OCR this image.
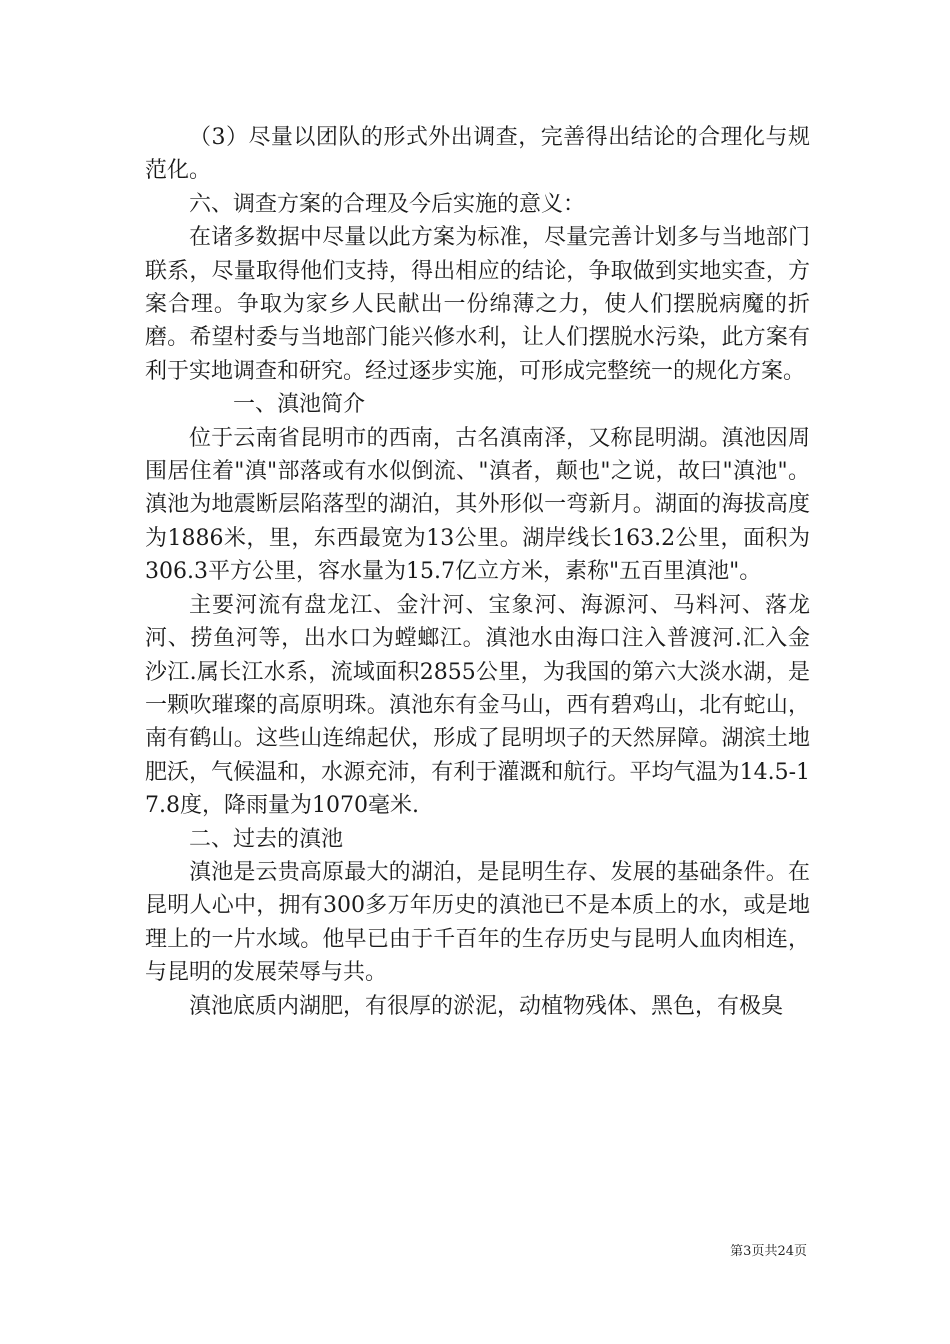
（3）尽量以团队的形式外出调查，完善得出结论的合理化与规范化。

六、调查方案的合理及今后实施的意义：

在诸多数据中尽量以此方案为标准，尽量完善计划多与当地部门联系，尽量取得他们支持，得出相应的结论，争取做到实地实查，方案合理。争取为家乡人民献出一份绵薄之力，使人们摆脱病魔的折磨。希望村委与当地部门能兴修水利，让人们摆脱水污染，此方案有利于实地调查和研究。经过逐步实施，可形成完整统一的规化方案。

一、滇池简介

位于云南省昆明市的西南，古名滇南泽，又称昆明湖。滇池因周围居住着"滇"部落或有水似倒流、"滇者，颠也"之说，故曰"滇池"。滇池为地震断层陷落型的湖泊，其外形似一弯新月。湖面的海拔高度为1886米，里，东西最宽为13公里。湖岸线长163.2公里，面积为306.3平方公里，容水量为15.7亿立方米，素称"五百里滇池"。

主要河流有盘龙江、金汁河、宝象河、海源河、马料河、落龙河、捞鱼河等，出水口为螳螂江。滇池水由海口注入普渡河.汇入金沙江.属长江水系，流域面积2855公里，为我国的第六大淡水湖，是一颗吹璀璨的高原明珠。滇池东有金马山，西有碧鸡山，北有蛇山，南有鹤山。这些山连绵起伏，形成了昆明坝子的天然屏障。湖滨土地肥沃，气候温和，水源充沛，有利于灌溉和航行。平均气温为14.5-17.8度，降雨量为1070毫米.

二、过去的滇池

滇池是云贵高原最大的湖泊，是昆明生存、发展的基础条件。在昆明人心中，拥有300多万年历史的滇池已不是本质上的水，或是地理上的一片水域。他早已由于千百年的生存历史与昆明人血肉相连，与昆明的发展荣辱与共。

滇池底质内湖肥，有很厚的淤泥，动植物残体、黑色，有极臭

第3页共24页
